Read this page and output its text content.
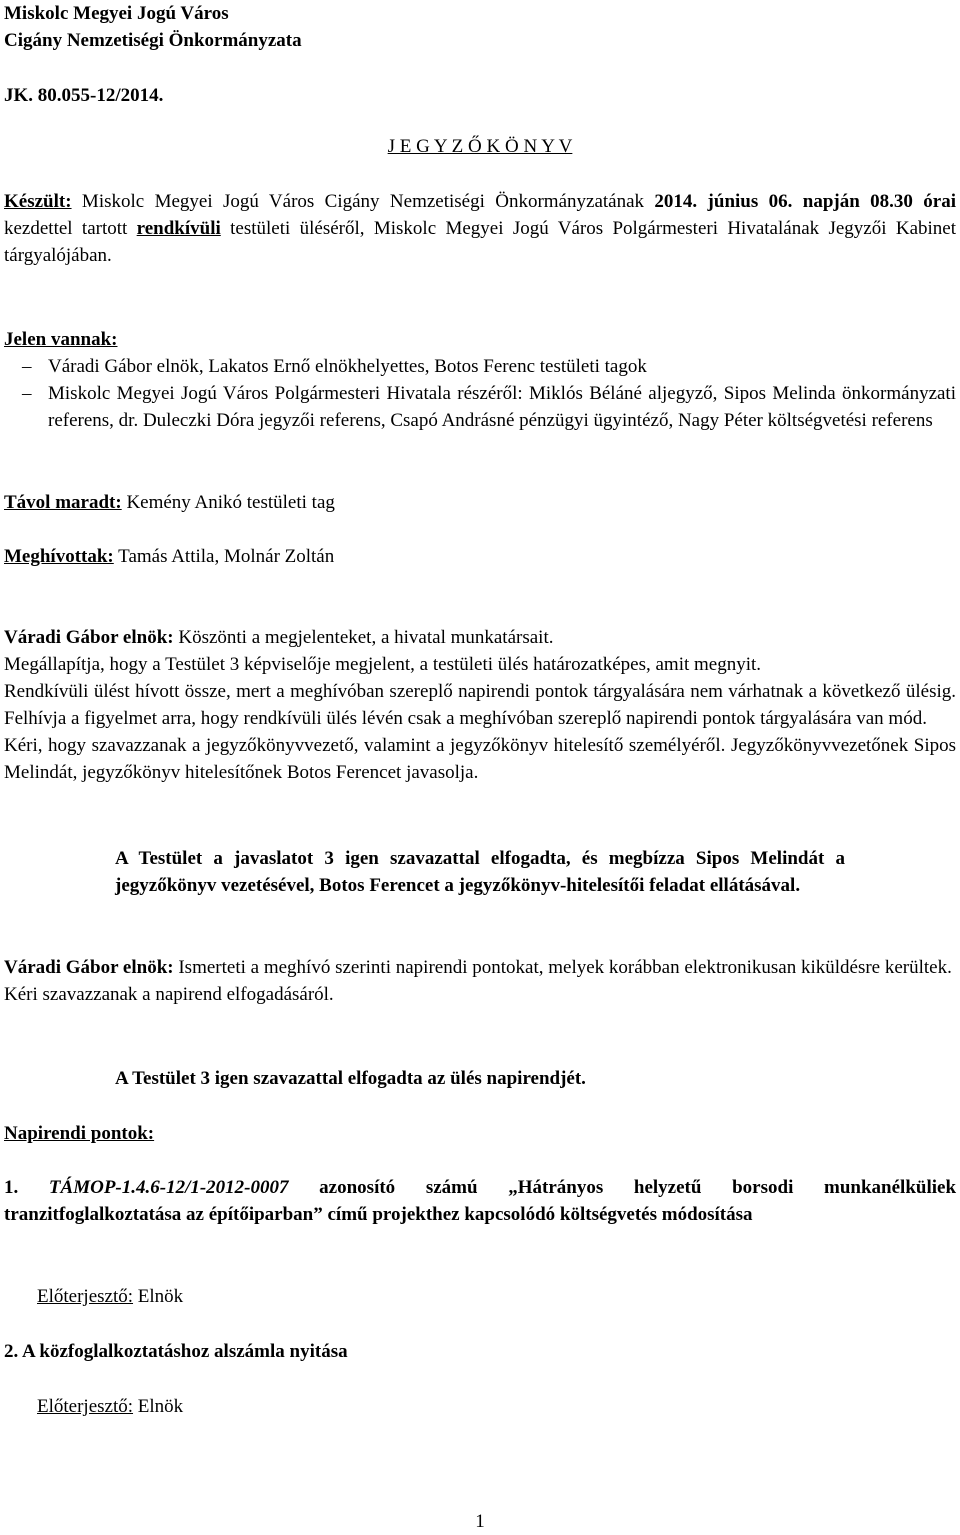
Miskolc Megyei Jogú Város
Cigány Nemzetiségi Önkormányzata
JK. 80.055-12/2014.
J E G Y Z Ő K Ö N Y V
Készült: Miskolc Megyei Jogú Város Cigány Nemzetiségi Önkormányzatának 2014. június 06. napján 08.30 órai kezdettel tartott rendkívüli testületi üléséről, Miskolc Megyei Jogú Város Polgármesteri Hivatalának Jegyzői Kabinet tárgyalójában.
Jelen vannak:
– Váradi Gábor elnök, Lakatos Ernő elnökhelyettes, Botos Ferenc testületi tagok
– Miskolc Megyei Jogú Város Polgármesteri Hivatala részéről: Miklós Béláné aljegyző, Sipos Melinda önkormányzati referens, dr. Duleczki Dóra jegyzői referens, Csapó Andrásné pénzügyi ügyintéző, Nagy Péter költségvetési referens
Távol maradt: Kemény Anikó testületi tag
Meghívottak: Tamás Attila, Molnár Zoltán
Váradi Gábor elnök: Köszönti a megjelenteket, a hivatal munkatársait.
Megállapítja, hogy a Testület 3 képviselője megjelent, a testületi ülés határozatképes, amit megnyit.
Rendkívüli ülést hívott össze, mert a meghívóban szereplő napirendi pontok tárgyalására nem várhatnak a következő ülésig. Felhívja a figyelmet arra, hogy rendkívüli ülés lévén csak a meghívóban szereplő napirendi pontok tárgyalására van mód.
Kéri, hogy szavazzanak a jegyzőkönyvvezető, valamint a jegyzőkönyv hitelesítő személyéről. Jegyzőkönyvvezetőnek Sipos Melindát, jegyzőkönyv hitelesítőnek Botos Ferencet javasolja.
A Testület a javaslatot 3 igen szavazattal elfogadta, és megbízza Sipos Melindát a jegyzőkönyv vezetésével, Botos Ferencet a jegyzőkönyv-hitelesítői feladat ellátásával.
Váradi Gábor elnök: Ismerteti a meghívó szerinti napirendi pontokat, melyek korábban elektronikusan kiküldésre kerültek.
Kéri szavazzanak a napirend elfogadásáról.
A Testület 3 igen szavazattal elfogadta az ülés napirendjét.
Napirendi pontok:
1. TÁMOP-1.4.6-12/1-2012-0007 azonosító számú „Hátrányos helyzetű borsodi munkanélküliek tranzitfoglalkoztatása az építőiparban” című projekthez kapcsolódó költségvetés módosítása
Előterjesztő: Elnök
2. A közfoglalkoztatáshoz alszámla nyitása
Előterjesztő: Elnök
1
